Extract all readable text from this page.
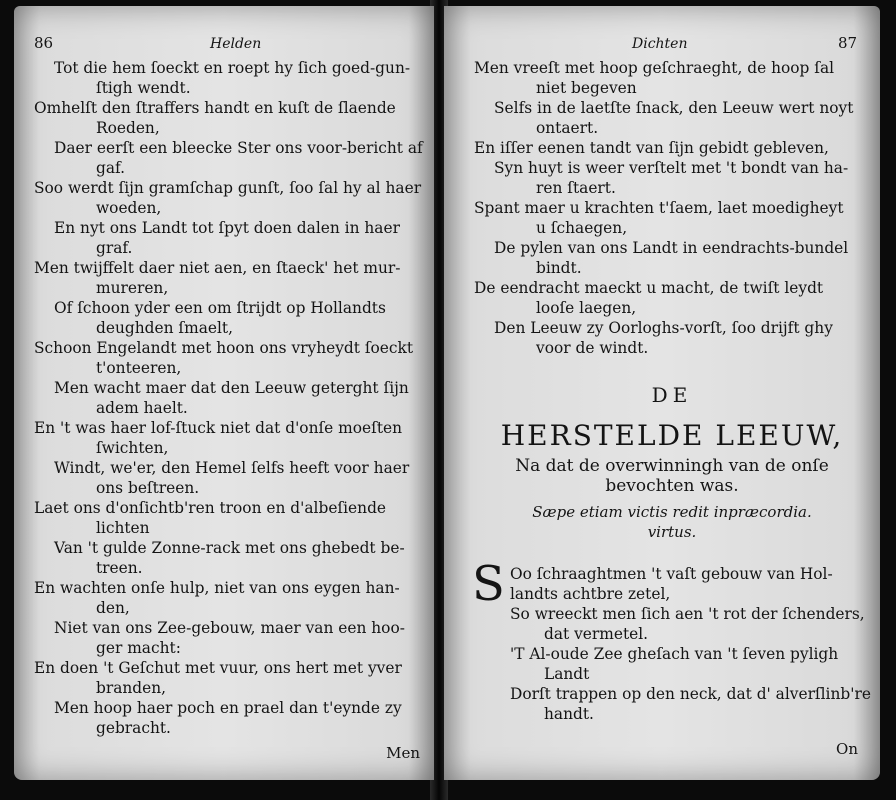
86	Helden
Tot die hem ſoeckt en roept hy ſich goed-gun-
ſtigh wendt.
Omhelſt den ſtraffers handt en kuſt de ſlaende
Roeden,
Daer eerſt een bleecke Ster ons voor-bericht af
gaf.
Soo werdt ſijn gramſchap gunſt, ſoo ſal hy al haer
woeden,
En nyt ons Landt tot ſpyt doen dalen in haer
graf.
Men twijffelt daer niet aen, en ſtaeck' het mur-
mureren,
Of ſchoon yder een om ſtrijdt op Hollandts
deughden ſmaelt,
Schoon Engelandt met hoon ons vryheydt ſoeckt
t'onteeren,
Men wacht maer dat den Leeuw geterght ſijn
adem haelt.
En 't was haer lof-ſtuck niet dat d'onſe moeſten
ſwichten,
Windt, we'er, den Hemel ſelfs heeft voor haer
ons beſtreen.
Laet ons d'onſichtb'ren troon en d'albeſiende
lichten
Van 't gulde Zonne-rack met ons ghebedt be-
treen.
En wachten onſe hulp, niet van ons eygen han-
den,
Niet van ons Zee-gebouw, maer van een hoo-
ger macht:
En doen 't Geſchut met vuur, ons hert met yver
branden,
Men hoop haer poch en prael dan t'eynde zy
gebracht.
Men
Dichten	87
Men vreeſt met hoop geſchraeght, de hoop ſal
niet begeven
Selfs in de laetſte ſnack, den Leeuw wert noyt
ontaert.
En iſſer eenen tandt van ſijn gebidt gebleven,
Syn huyt is weer verſtelt met 't bondt van ha-
ren ſtaert.
Spant maer u krachten t'ſaem, laet moedigheyt
u ſchaegen,
De pylen van ons Landt in eendrachts-bundel
bindt.
De eendracht maeckt u macht, de twiſt leydt
looſe laegen,
Den Leeuw zy Oorloghs-vorſt, ſoo drijft ghy
voor de windt.
DE
HERSTELDE LEEUW,
Na dat de overwinningh van de onſe
bevochten was.
Sæpe etiam victis redit inpræcordia.
virtus.
S Oo ſchraaghtmen 't vaſt gebouw van Hol-
landts achtbre zetel,
So wreeckt men ſich aen 't rot der ſchenders,
dat vermetel.
'T Al-oude Zee gheſach van 't ſeven pyligh
Landt
Dorſt trappen op den neck, dat d' alverſlinb're
handt.
On
